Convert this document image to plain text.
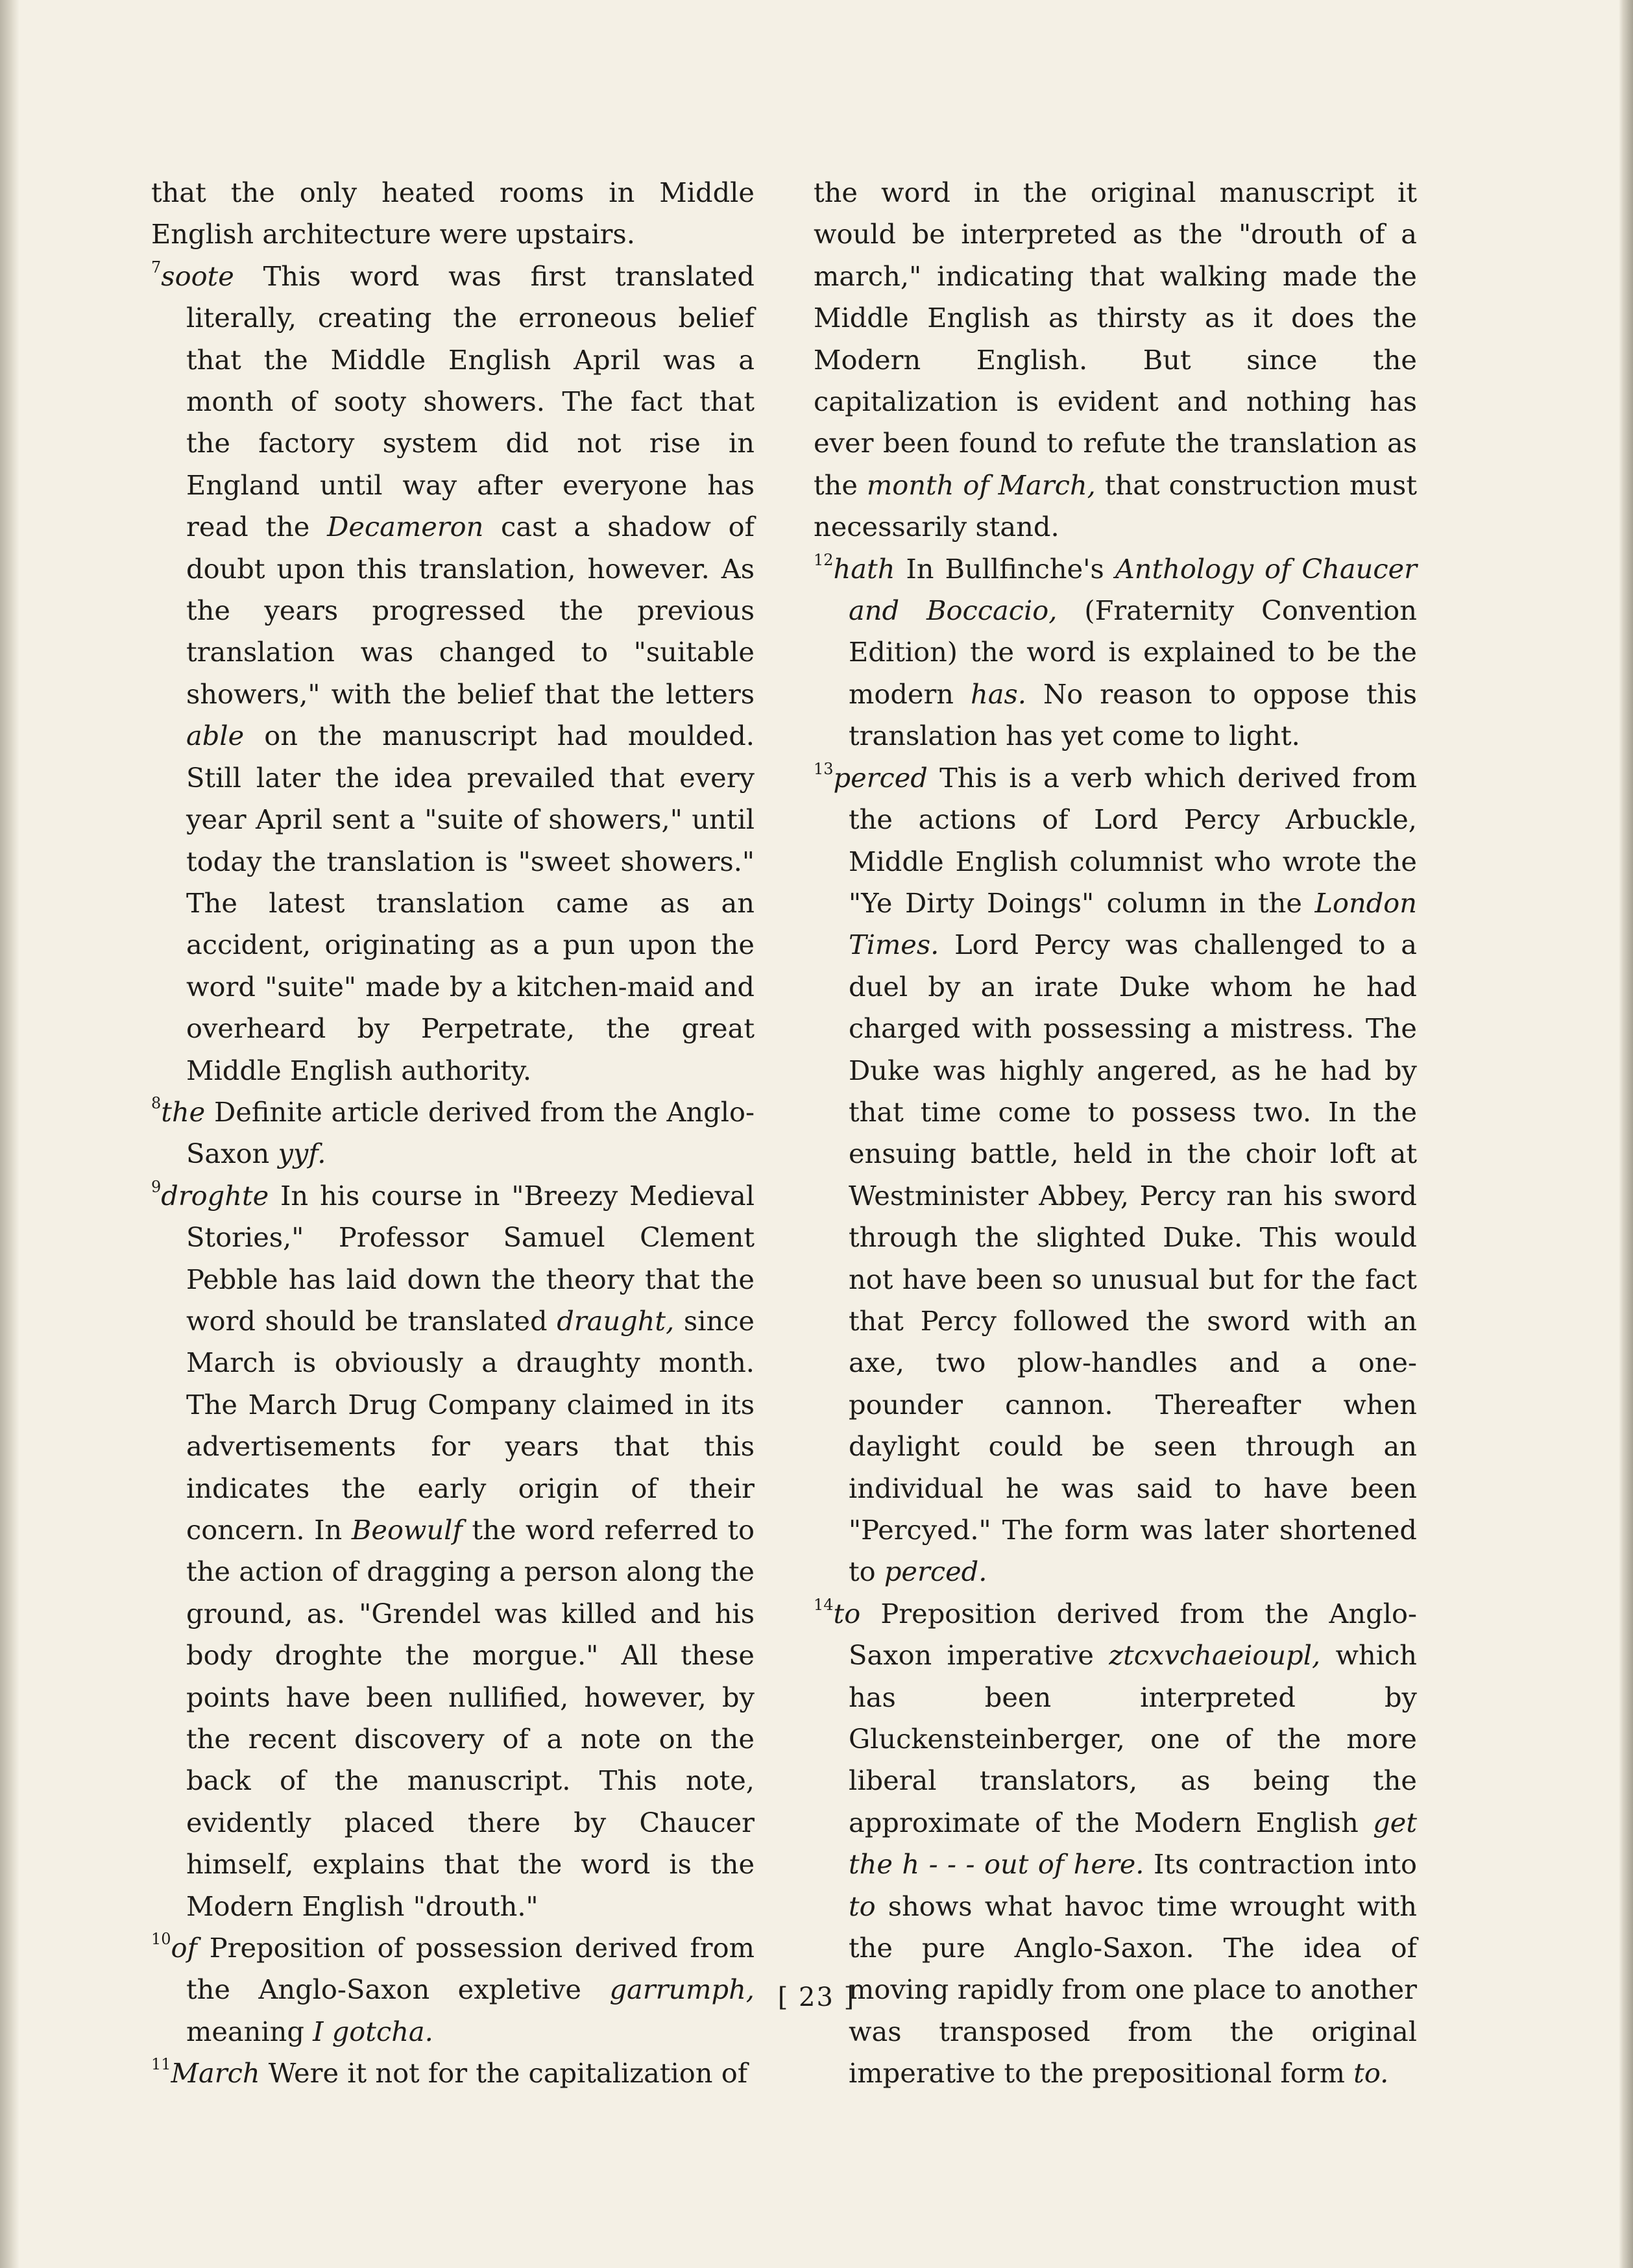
that the only heated rooms in Middle English architecture were upstairs.

$^7$soote This word was first translated literally, creating the erroneous belief that the Middle English April was a month of sooty showers. The fact that the factory system did not rise in England until way after everyone has read the Decameron cast a shadow of doubt upon this translation, however. As the years progressed the previous translation was changed to "suitable showers," with the belief that the letters able on the manuscript had moulded. Still later the idea prevailed that every year April sent a "suite of showers," until today the translation is "sweet showers." The latest translation came as an accident, originating as a pun upon the word "suite" made by a kitchen-maid and overheard by Perpetrate, the great Middle English authority.

$^8$the Definite article derived from the Anglo-Saxon yyf.

$^9$droghte In his course in "Breezy Medieval Stories," Professor Samuel Clement Pebble has laid down the theory that the word should be translated draught, since March is obviously a draughty month. The March Drug Company claimed in its advertisements for years that this indicates the early origin of their concern. In Beowulf the word referred to the action of dragging a person along the ground, as. "Grendel was killed and his body droghte the morgue." All these points have been nullified, however, by the recent discovery of a note on the back of the manuscript. This note, evidently placed there by Chaucer himself, explains that the word is the Modern English "drouth."

$^{10}$of Preposition of possession derived from the Anglo-Saxon expletive garrumph, meaning I gotcha.

$^{11}$March Were it not for the capitalization of

the word in the original manuscript it would be interpreted as the "drouth of a march," indicating that walking made the Middle English as thirsty as it does the Modern English. But since the capitalization is evident and nothing has ever been found to refute the translation as the month of March, that construction must necessarily stand.

$^{12}$hath In Bullfinche's Anthology of Chaucer and Boccacio, (Fraternity Convention Edition) the word is explained to be the modern has. No reason to oppose this translation has yet come to light.

$^{13}$perced This is a verb which derived from the actions of Lord Percy Arbuckle, Middle English columnist who wrote the "Ye Dirty Doings" column in the London Times. Lord Percy was challenged to a duel by an irate Duke whom he had charged with possessing a mistress. The Duke was highly angered, as he had by that time come to possess two. In the ensuing battle, held in the choir loft at Westminister Abbey, Percy ran his sword through the slighted Duke. This would not have been so unusual but for the fact that Percy followed the sword with an axe, two plow-handles and a one-pounder cannon. Thereafter when daylight could be seen through an individual he was said to have been "Percyed." The form was later shortened to perced.

$^{14}$to Preposition derived from the Anglo-Saxon imperative ztcxvchaeioupl, which has been interpreted by Gluckensteinberger, one of the more liberal translators, as being the approximate of the Modern English get the h - - - out of here. Its contraction into to shows what havoc time wrought with the pure Anglo-Saxon. The idea of moving rapidly from one place to another was transposed from the original imperative to the prepositional form to.

[ 23 ]
